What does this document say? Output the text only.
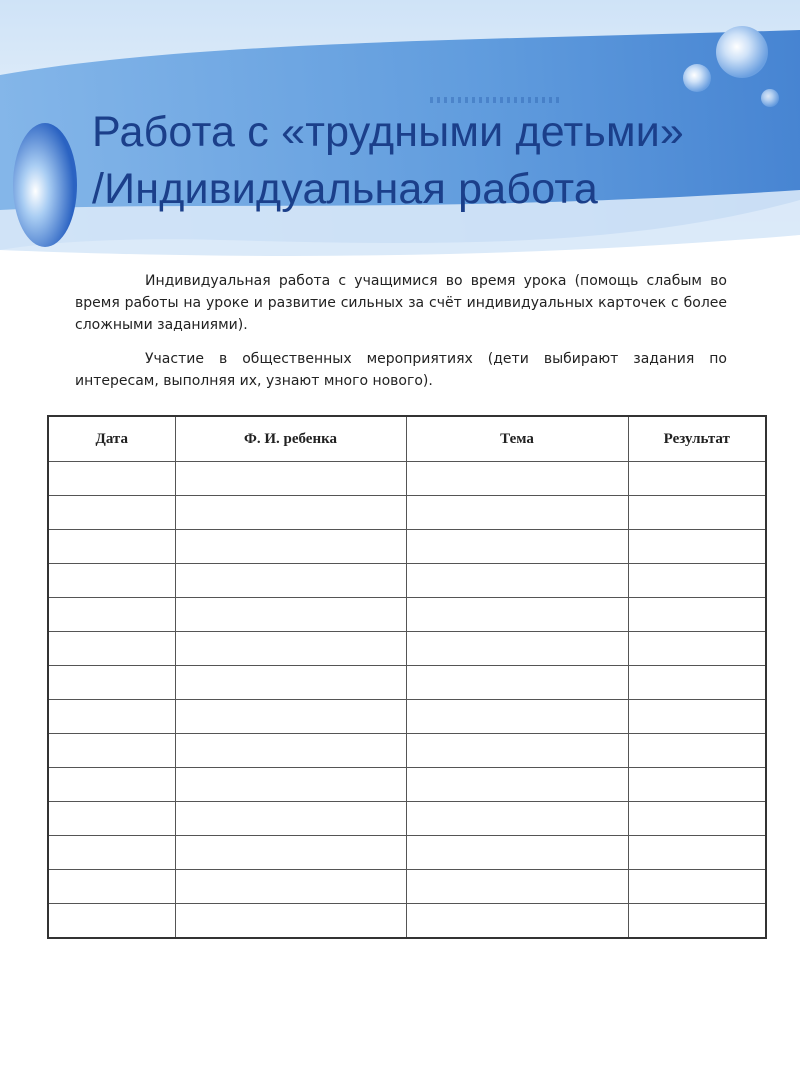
Работа с «трудными детьми»
/Индивидуальная работа

Индивидуальная работа с учащимися во время урока (помощь слабым во время работы на уроке и развитие сильных за счёт индивидуальных карточек с более сложными заданиями).

Участие в общественных мероприятиях (дети выбирают задания по интересам, выполняя их, узнают много нового).

Дата	Ф. И. ребенка	Тема	Результат
